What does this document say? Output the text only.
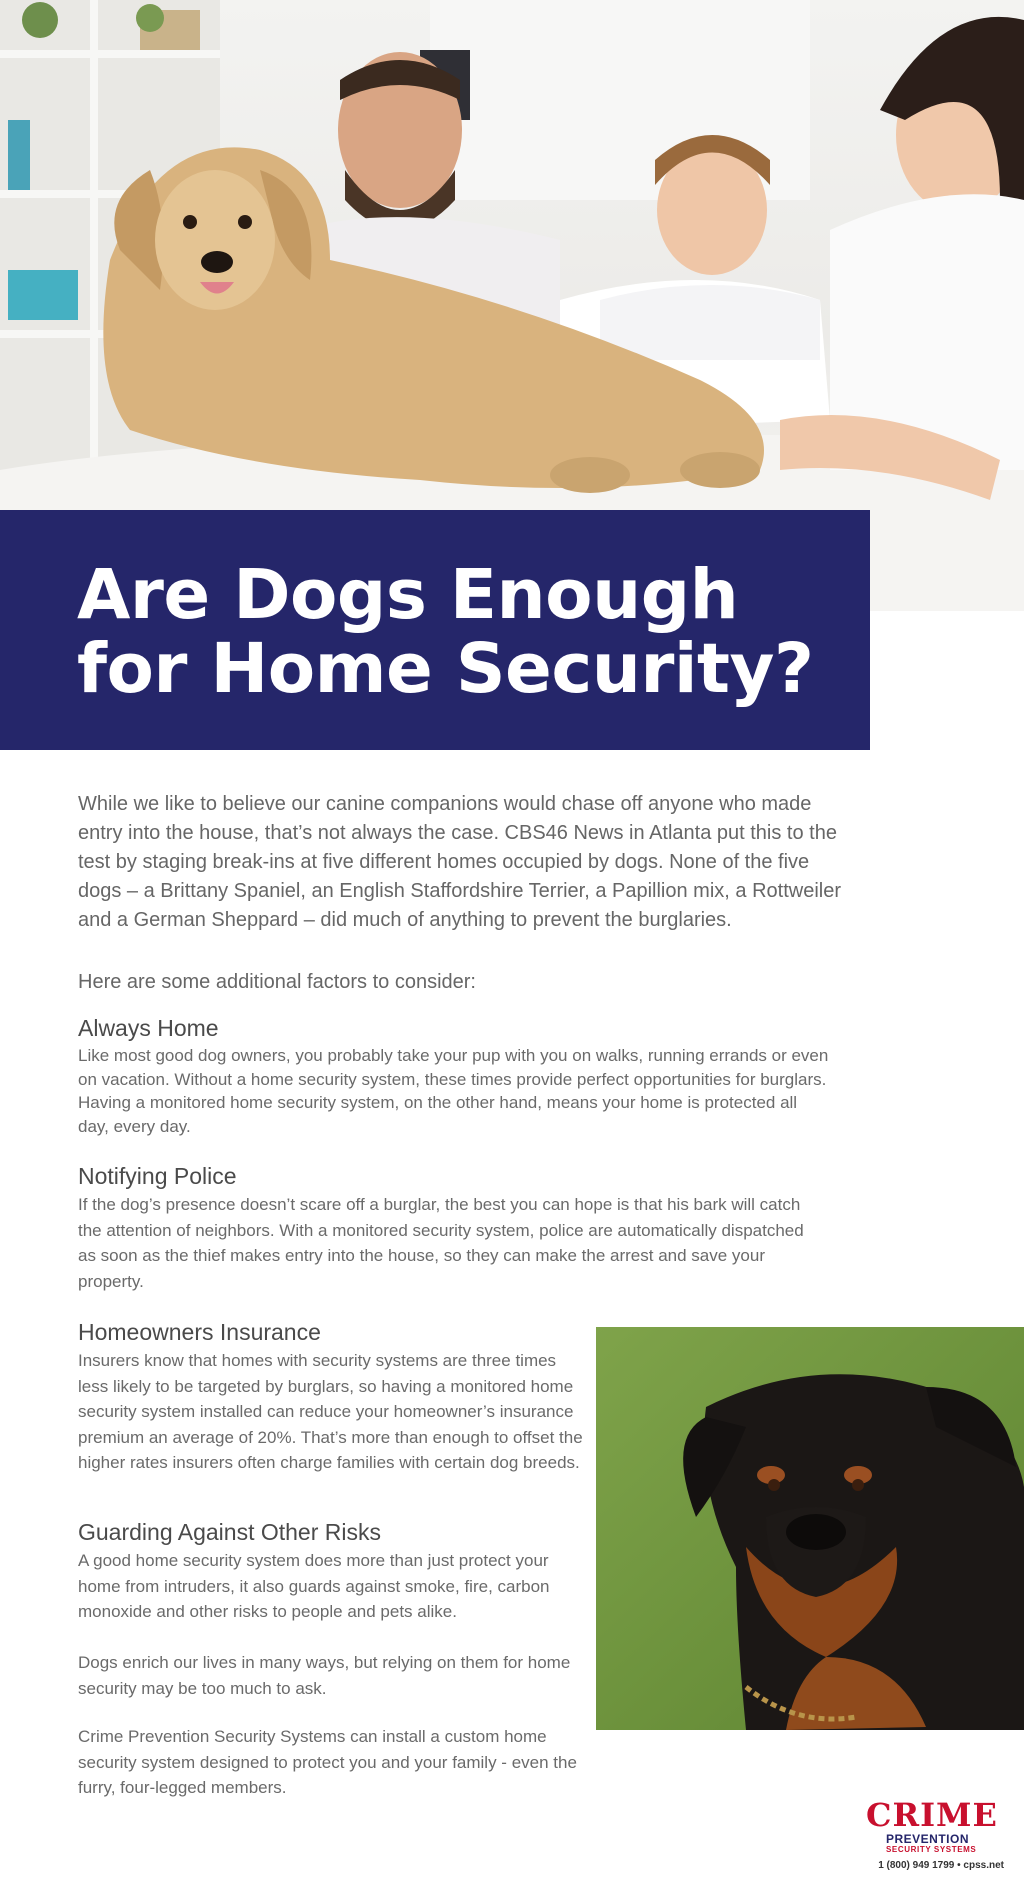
Are Dogs Enough for Home Security?

While we like to believe our canine companions would chase off anyone who made entry into the house, that’s not always the case. CBS46 News in Atlanta put this to the test by staging break-ins at five different homes occupied by dogs. None of the five dogs – a Brittany Spaniel, an English Staffordshire Terrier, a Papillion mix, a Rottweiler and a German Sheppard – did much of anything to prevent the burglaries.

Here are some additional factors to consider:

Always Home

Like most good dog owners, you probably take your pup with you on walks, running errands or even on vacation. Without a home security system, these times provide perfect opportunities for burglars. Having a monitored home security system, on the other hand, means your home is protected all day, every day.

Notifying Police

If the dog’s presence doesn’t scare off a burglar, the best you can hope is that his bark will catch the attention of neighbors. With a monitored security system, police are automatically dispatched as soon as the thief makes entry into the house, so they can make the arrest and save your property.

Homeowners Insurance

Insurers know that homes with security systems are three times less likely to be targeted by burglars, so having a monitored home security system installed can reduce your homeowner’s insurance premium an average of 20%. That’s more than enough to offset the higher rates insurers often charge families with certain dog breeds.

Guarding Against Other Risks

A good home security system does more than just protect your home from intruders, it also guards against smoke, fire, carbon monoxide and other risks to people and pets alike.

Dogs enrich our lives in many ways, but relying on them for home security may be too much to ask.

Crime Prevention Security Systems can install a custom home security system designed to protect you and your family - even the furry, four-legged members.

CRIME
PREVENTION
SECURITY SYSTEMS
1 (800) 949 1799 • cpss.net
